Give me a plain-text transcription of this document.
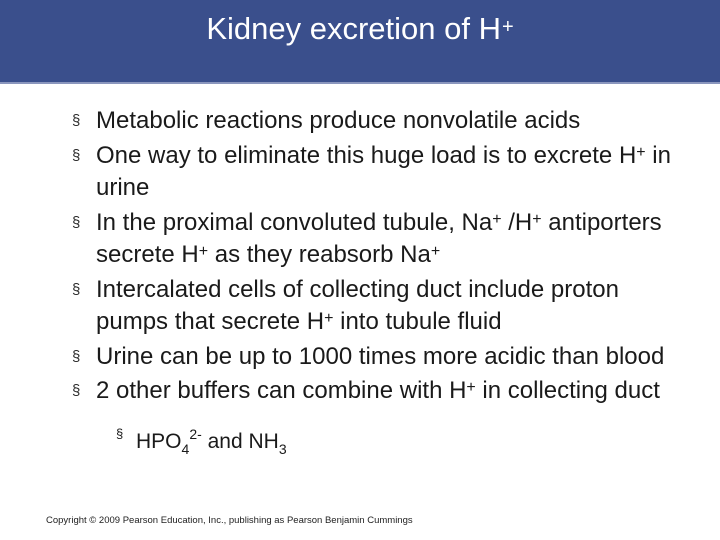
Kidney excretion of H+
§ Metabolic reactions produce nonvolatile acids
§ One way to eliminate this huge load is to excrete H+ in urine
§ In the proximal convoluted tubule, Na+ /H+ antiporters secrete H+ as they reabsorb Na+
§ Intercalated cells of collecting duct include proton pumps that secrete H+ into tubule fluid
§ Urine can be up to 1000 times more acidic than blood
§ 2 other buffers can combine with H+ in collecting duct
§ $HPO_4^{2-}$ and $NH_3$
Copyright © 2009 Pearson Education, Inc., publishing as Pearson Benjamin Cummings
